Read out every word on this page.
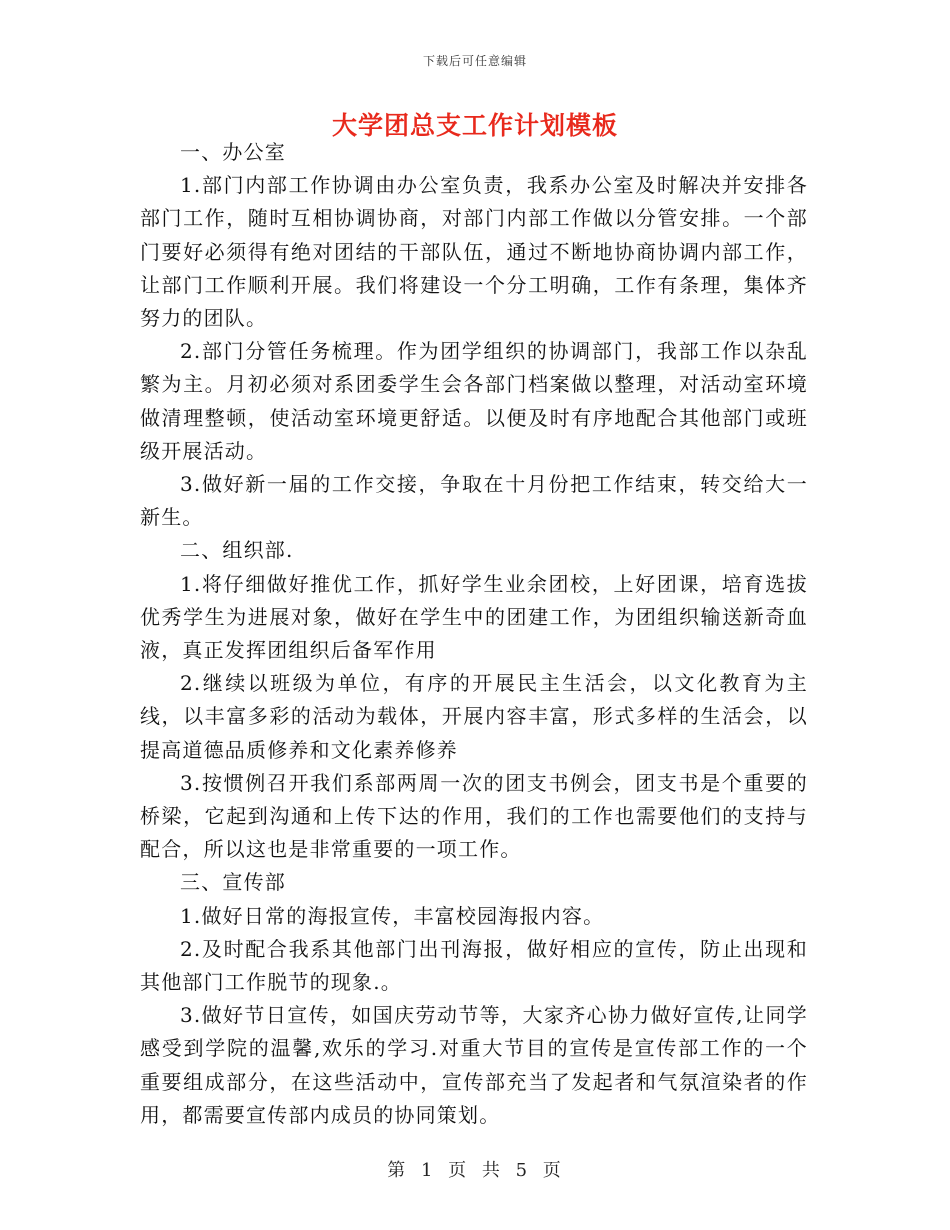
下载后可任意编辑
大学团总支工作计划模板

一、办公室

1.部门内部工作协调由办公室负责，我系办公室及时解决并安排各部门工作，随时互相协调协商，对部门内部工作做以分管安排。一个部门要好必须得有绝对团结的干部队伍，通过不断地协商协调内部工作，让部门工作顺利开展。我们将建设一个分工明确，工作有条理，集体齐努力的团队。

2.部门分管任务梳理。作为团学组织的协调部门，我部工作以杂乱繁为主。月初必须对系团委学生会各部门档案做以整理，对活动室环境做清理整顿，使活动室环境更舒适。以便及时有序地配合其他部门或班级开展活动。

3.做好新一届的工作交接，争取在十月份把工作结束，转交给大一新生。

二、组织部.

1.将仔细做好推优工作，抓好学生业余团校，上好团课，培育选拔优秀学生为进展对象，做好在学生中的团建工作，为团组织输送新奇血液，真正发挥团组织后备军作用

2.继续以班级为单位，有序的开展民主生活会，以文化教育为主线，以丰富多彩的活动为载体，开展内容丰富，形式多样的生活会，以提高道德品质修养和文化素养修养

3.按惯例召开我们系部两周一次的团支书例会，团支书是个重要的桥梁，它起到沟通和上传下达的作用，我们的工作也需要他们的支持与配合，所以这也是非常重要的一项工作。

三、宣传部

1.做好日常的海报宣传，丰富校园海报内容。

2.及时配合我系其他部门出刊海报，做好相应的宣传，防止出现和其他部门工作脱节的现象.。

3.做好节日宣传，如国庆劳动节等，大家齐心协力做好宣传,让同学感受到学院的温馨,欢乐的学习.对重大节目的宣传是宣传部工作的一个重要组成部分，在这些活动中，宣传部充当了发起者和气氛渲染者的作用，都需要宣传部内成员的协同策划。

第 1 页 共 5 页
